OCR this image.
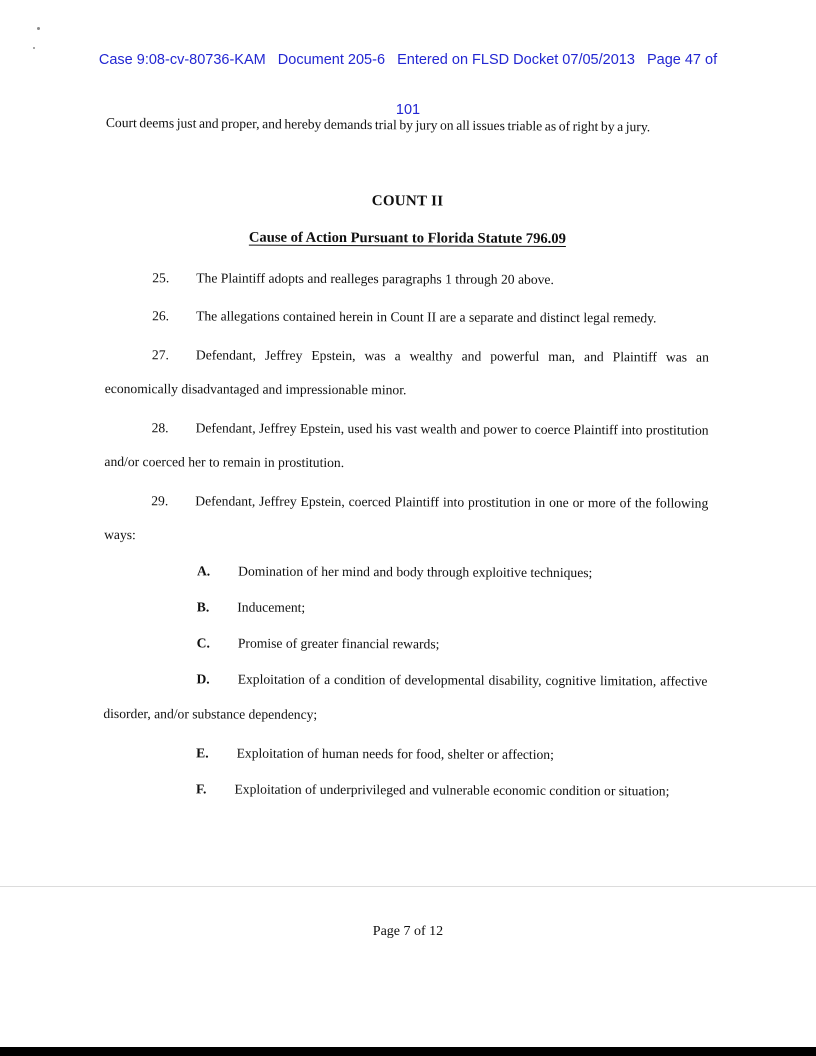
Case 9:08-cv-80736-KAM   Document 205-6   Entered on FLSD Docket 07/05/2013   Page 47 of

101

Court deems just and proper, and hereby demands trial by jury on all issues triable as of right by a jury.

COUNT II
Cause of Action Pursuant to Florida Statute 796.09

25. The Plaintiff adopts and realleges paragraphs 1 through 20 above.

26. The allegations contained herein in Count II are a separate and distinct legal remedy.

27. Defendant, Jeffrey Epstein, was a wealthy and powerful man, and Plaintiff was an economically disadvantaged and impressionable minor.

28. Defendant, Jeffrey Epstein, used his vast wealth and power to coerce Plaintiff into prostitution and/or coerced her to remain in prostitution.

29. Defendant, Jeffrey Epstein, coerced Plaintiff into prostitution in one or more of the following ways:

A. Domination of her mind and body through exploitive techniques;

B. Inducement;

C. Promise of greater financial rewards;

D. Exploitation of a condition of developmental disability, cognitive limitation, affective disorder, and/or substance dependency;

E. Exploitation of human needs for food, shelter or affection;

F. Exploitation of underprivileged and vulnerable economic condition or situation;

Page 7 of 12
